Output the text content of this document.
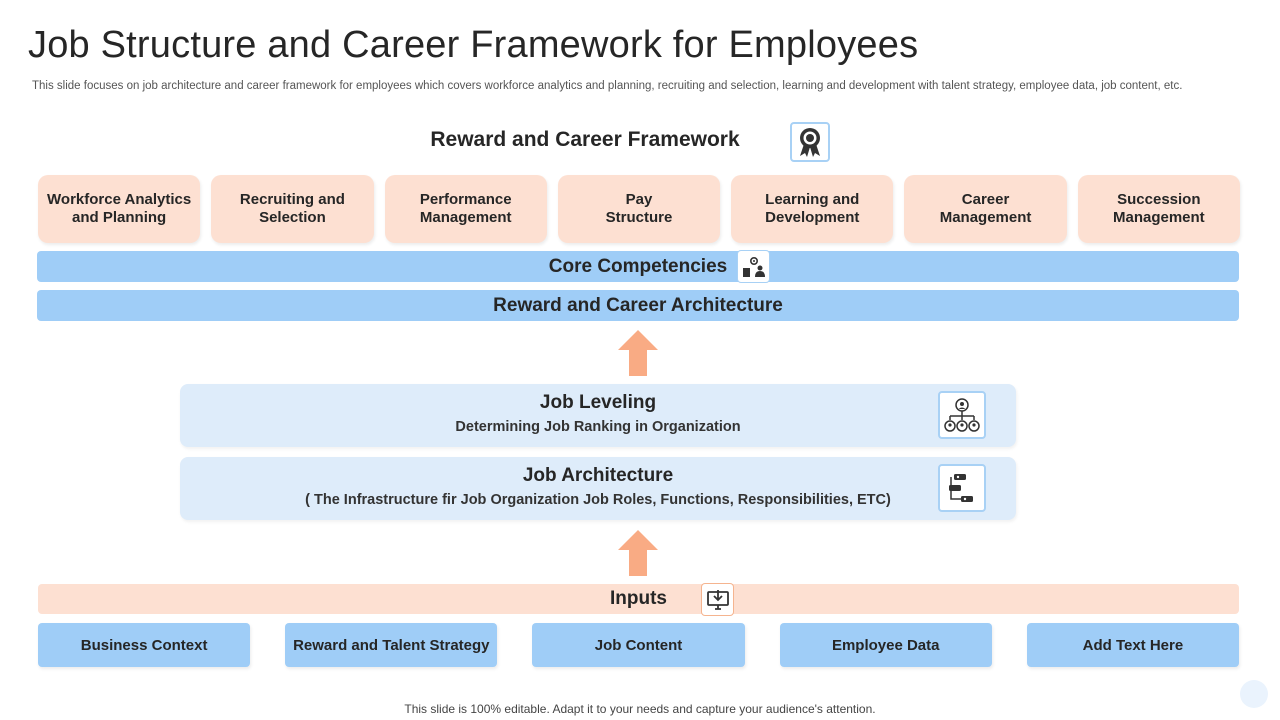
Job Structure and Career Framework for Employees
This slide focuses on job architecture and career framework for employees which covers workforce analytics and planning, recruiting and selection, learning and development with talent strategy, employee data, job content, etc.
Reward and Career Framework
Workforce Analytics
and Planning
Recruiting and
Selection
Performance
Management
Pay
Structure
Learning and
Development
Career
Management
Succession
Management
Core Competencies
Reward and Career Architecture
Job Leveling
Determining Job Ranking in Organization
Job Architecture
( The Infrastructure fir Job Organization Job Roles, Functions, Responsibilities, ETC)
Inputs
Business Context	Reward and Talent Strategy	Job Content	Employee Data	Add Text Here
This slide is 100% editable. Adapt it to your needs and capture your audience's attention.
